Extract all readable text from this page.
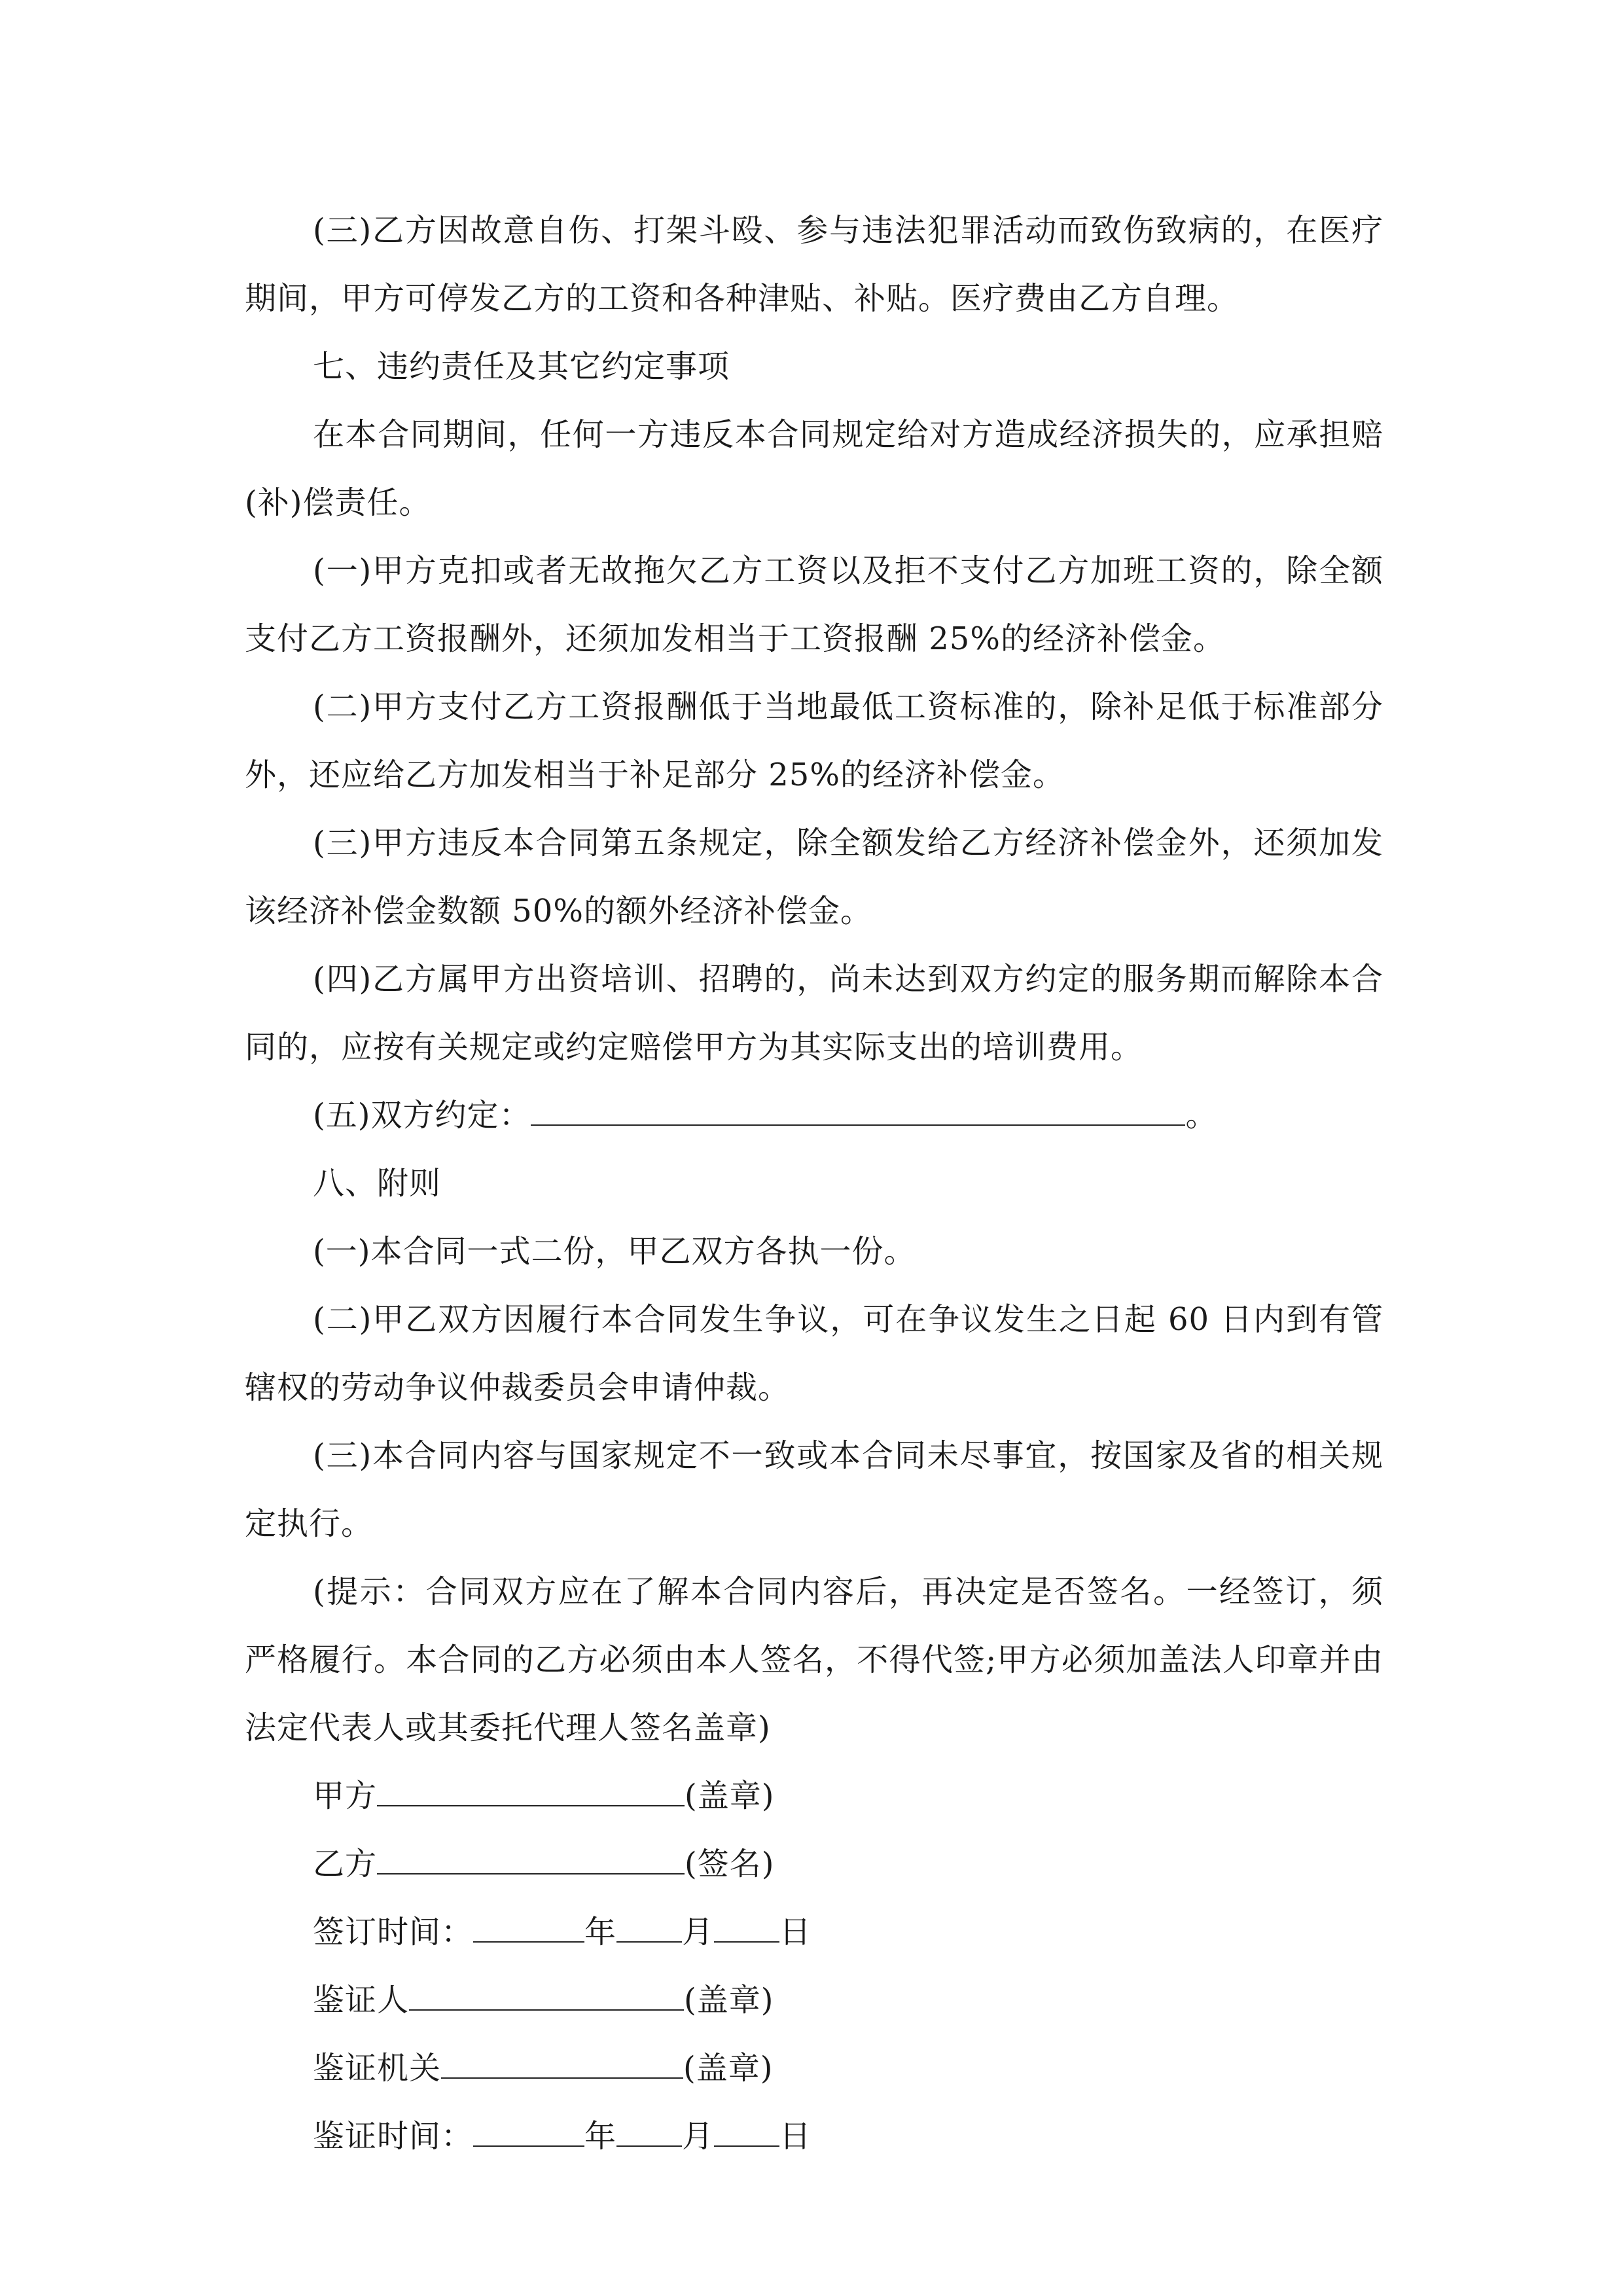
(三)乙方因故意自伤、打架斗殴、参与违法犯罪活动而致伤致病的，在医疗期间，甲方可停发乙方的工资和各种津贴、补贴。医疗费由乙方自理。

七、违约责任及其它约定事项

在本合同期间，任何一方违反本合同规定给对方造成经济损失的，应承担赔(补)偿责任。

(一)甲方克扣或者无故拖欠乙方工资以及拒不支付乙方加班工资的，除全额支付乙方工资报酬外，还须加发相当于工资报酬 25%的经济补偿金。

(二)甲方支付乙方工资报酬低于当地最低工资标准的，除补足低于标准部分外，还应给乙方加发相当于补足部分 25%的经济补偿金。

(三)甲方违反本合同第五条规定，除全额发给乙方经济补偿金外，还须加发该经济补偿金数额 50%的额外经济补偿金。

(四)乙方属甲方出资培训、招聘的，尚未达到双方约定的服务期而解除本合同的，应按有关规定或约定赔偿甲方为其实际支出的培训费用。

(五)双方约定：	。

八、附则

(一)本合同一式二份，甲乙双方各执一份。

(二)甲乙双方因履行本合同发生争议，可在争议发生之日起 60 日内到有管辖权的劳动争议仲裁委员会申请仲裁。

(三)本合同内容与国家规定不一致或本合同未尽事宜，按国家及省的相关规定执行。

(提示：合同双方应在了解本合同内容后，再决定是否签名。一经签订，须严格履行。本合同的乙方必须由本人签名，不得代签;甲方必须加盖法人印章并由法定代表人或其委托代理人签名盖章)

甲方	(盖章)

乙方	(签名)

签订时间：	年 月 日

鉴证人	(盖章)

鉴证机关	(盖章)

鉴证时间：	年 月 日
